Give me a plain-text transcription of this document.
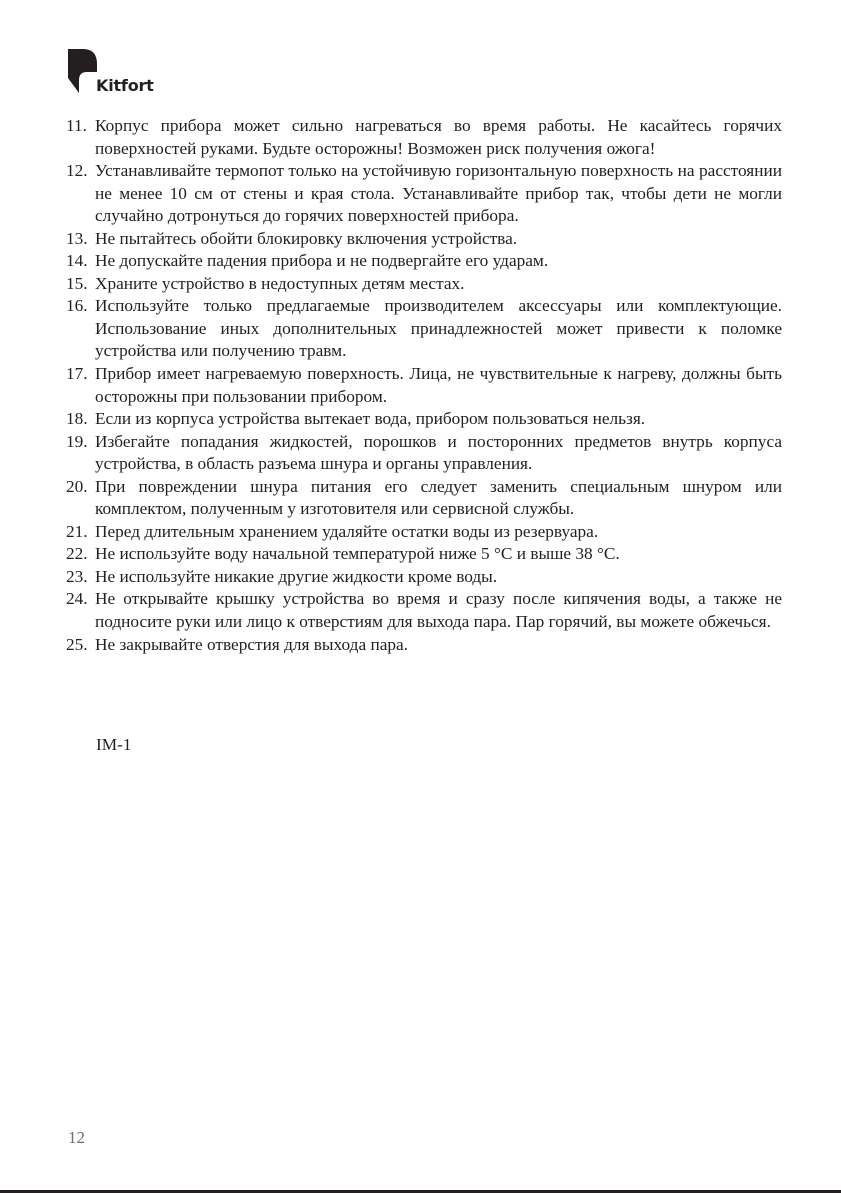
Kitfort
11. Корпус прибора может сильно нагреваться во время работы. Не касайтесь горячих поверхностей руками. Будьте осторожны! Возможен риск получения ожога!
12. Устанавливайте термопот только на устойчивую горизонтальную поверхность на расстоянии не менее 10 см от стены и края стола. Устанавливайте прибор так, чтобы дети не могли случайно дотронуться до горячих поверхностей прибора.
13. Не пытайтесь обойти блокировку включения устройства.
14. Не допускайте падения прибора и не подвергайте его ударам.
15. Храните устройство в недоступных детям местах.
16. Используйте только предлагаемые производителем аксессуары или комплектующие. Использование иных дополнительных принадлежностей может привести к поломке устройства или получению травм.
17. Прибор имеет нагреваемую поверхность. Лица, не чувствительные к нагреву, должны быть осторожны при пользовании прибором.
18. Если из корпуса устройства вытекает вода, прибором пользоваться нельзя.
19. Избегайте попадания жидкостей, порошков и посторонних предметов внутрь корпуса устройства, в область разъема шнура и органы управления.
20. При повреждении шнура питания его следует заменить специальным шнуром или комплектом, полученным у изготовителя или сервисной службы.
21. Перед длительным хранением удаляйте остатки воды из резервуара.
22. Не используйте воду начальной температурой ниже 5 °C и выше 38 °C.
23. Не используйте никакие другие жидкости кроме воды.
24. Не открывайте крышку устройства во время и сразу после кипячения воды, а также не подносите руки или лицо к отверстиям для выхода пара. Пар горячий, вы можете обжечься.
25. Не закрывайте отверстия для выхода пара.
IM-1
12
